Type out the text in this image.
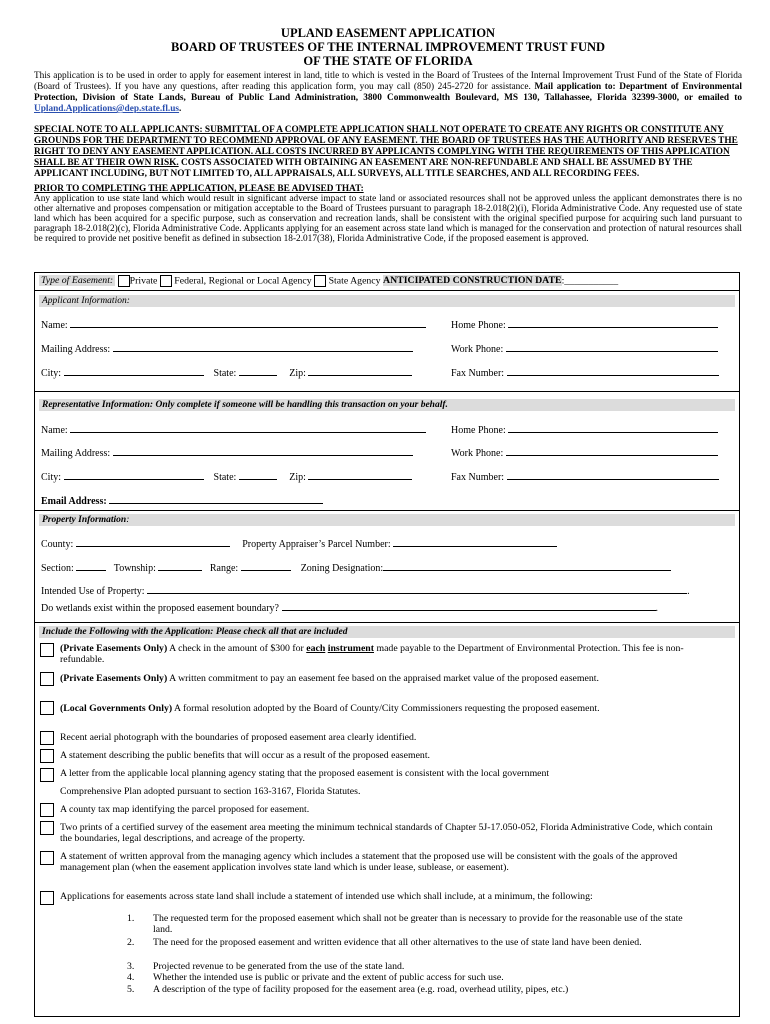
UPLAND EASEMENT APPLICATION
BOARD OF TRUSTEES OF THE INTERNAL IMPROVEMENT TRUST FUND
OF THE STATE OF FLORIDA
This application is to be used in order to apply for easement interest in land, title to which is vested in the Board of Trustees of the Internal Improvement Trust Fund of the State of Florida (Board of Trustees). If you have any questions, after reading this application form, you may call (850) 245-2720 for assistance. Mail application to: Department of Environmental Protection, Division of State Lands, Bureau of Public Land Administration, 3800 Commonwealth Boulevard, MS 130, Tallahassee, Florida 32399-3000, or emailed to Upland.Applications@dep.state.fl.us.
SPECIAL NOTE TO ALL APPLICANTS: SUBMITTAL OF A COMPLETE APPLICATION SHALL NOT OPERATE TO CREATE ANY RIGHTS OR CONSTITUTE ANY GROUNDS FOR THE DEPARTMENT TO RECOMMEND APPROVAL OF ANY EASEMENT. THE BOARD OF TRUSTEES HAS THE AUTHORITY AND RESERVES THE RIGHT TO DENY ANY EASEMENT APPLICATION. ALL COSTS INCURRED BY APPLICANTS COMPLYING WITH THE REQUIREMENTS OF THIS APPLICATION SHALL BE AT THEIR OWN RISK. COSTS ASSOCIATED WITH OBTAINING AN EASEMENT ARE NON-REFUNDABLE AND SHALL BE ASSUMED BY THE APPLICANT INCLUDING, BUT NOT LIMITED TO, ALL APPRAISALS, ALL SURVEYS, ALL TITLE SEARCHES, AND ALL RECORDING FEES.
PRIOR TO COMPLETING THE APPLICATION, PLEASE BE ADVISED THAT:
Any application to use state land which would result in significant adverse impact to state land or associated resources shall not be approved unless the applicant demonstrates there is no other alternative and proposes compensation or mitigation acceptable to the Board of Trustees pursuant to paragraph 18-2.018(2)(i), Florida Administrative Code. Any requested use of state land which has been acquired for a specific purpose, such as conservation and recreation lands, shall be consistent with the original specified purpose for acquiring such land pursuant to paragraph 18-2.018(2)(c), Florida Administrative Code. Applicants applying for an easement across state land which is managed for the conservation and protection of natural resources shall be required to provide net positive benefit as defined in subsection 18-2.017(38), Florida Administrative Code, if the proposed easement is approved.
Type of Easement: Private Federal, Regional or Local Agency State Agency ANTICIPATED CONSTRUCTION DATE:___________
Applicant Information:
Name:	Home Phone:
Mailing Address:	Work Phone:
City:	State:	Zip:	Fax Number:
Representative Information: Only complete if someone will be handling this transaction on your behalf.
Name:	Home Phone:
Mailing Address:	Work Phone:
City:	State:	Zip:	Fax Number:
Email Address:
Property Information:
County:	Property Appraiser’s Parcel Number:
Section:	Township:	Range:	Zoning Designation:
Intended Use of Property:	.
Do wetlands exist within the proposed easement boundary?	.
Include the Following with the Application: Please check all that are included
(Private Easements Only) A check in the amount of $300 for each instrument made payable to the Department of Environmental Protection. This fee is non-refundable.
(Private Easements Only) A written commitment to pay an easement fee based on the appraised market value of the proposed easement.
(Local Governments Only) A formal resolution adopted by the Board of County/City Commissioners requesting the proposed easement.
Recent aerial photograph with the boundaries of proposed easement area clearly identified.
A statement describing the public benefits that will occur as a result of the proposed easement.
A letter from the applicable local planning agency stating that the proposed easement is consistent with the local government
Comprehensive Plan adopted pursuant to section 163-3167, Florida Statutes.
A county tax map identifying the parcel proposed for easement.
Two prints of a certified survey of the easement area meeting the minimum technical standards of Chapter 5J-17.050-052, Florida Administrative Code, which contain the boundaries, legal descriptions, and acreage of the property.
A statement of written approval from the managing agency which includes a statement that the proposed use will be consistent with the goals of the approved management plan (when the easement application involves state land which is under lease, sublease, or easement).
Applications for easements across state land shall include a statement of intended use which shall include, at a minimum, the following:
1. The requested term for the proposed easement which shall not be greater than is necessary to provide for the reasonable use of the state land.
2. The need for the proposed easement and written evidence that all other alternatives to the use of state land have been denied.
3. Projected revenue to be generated from the use of the state land.
4. Whether the intended use is public or private and the extent of public access for such use.
5. A description of the type of facility proposed for the easement area (e.g. road, overhead utility, pipes, etc.)
